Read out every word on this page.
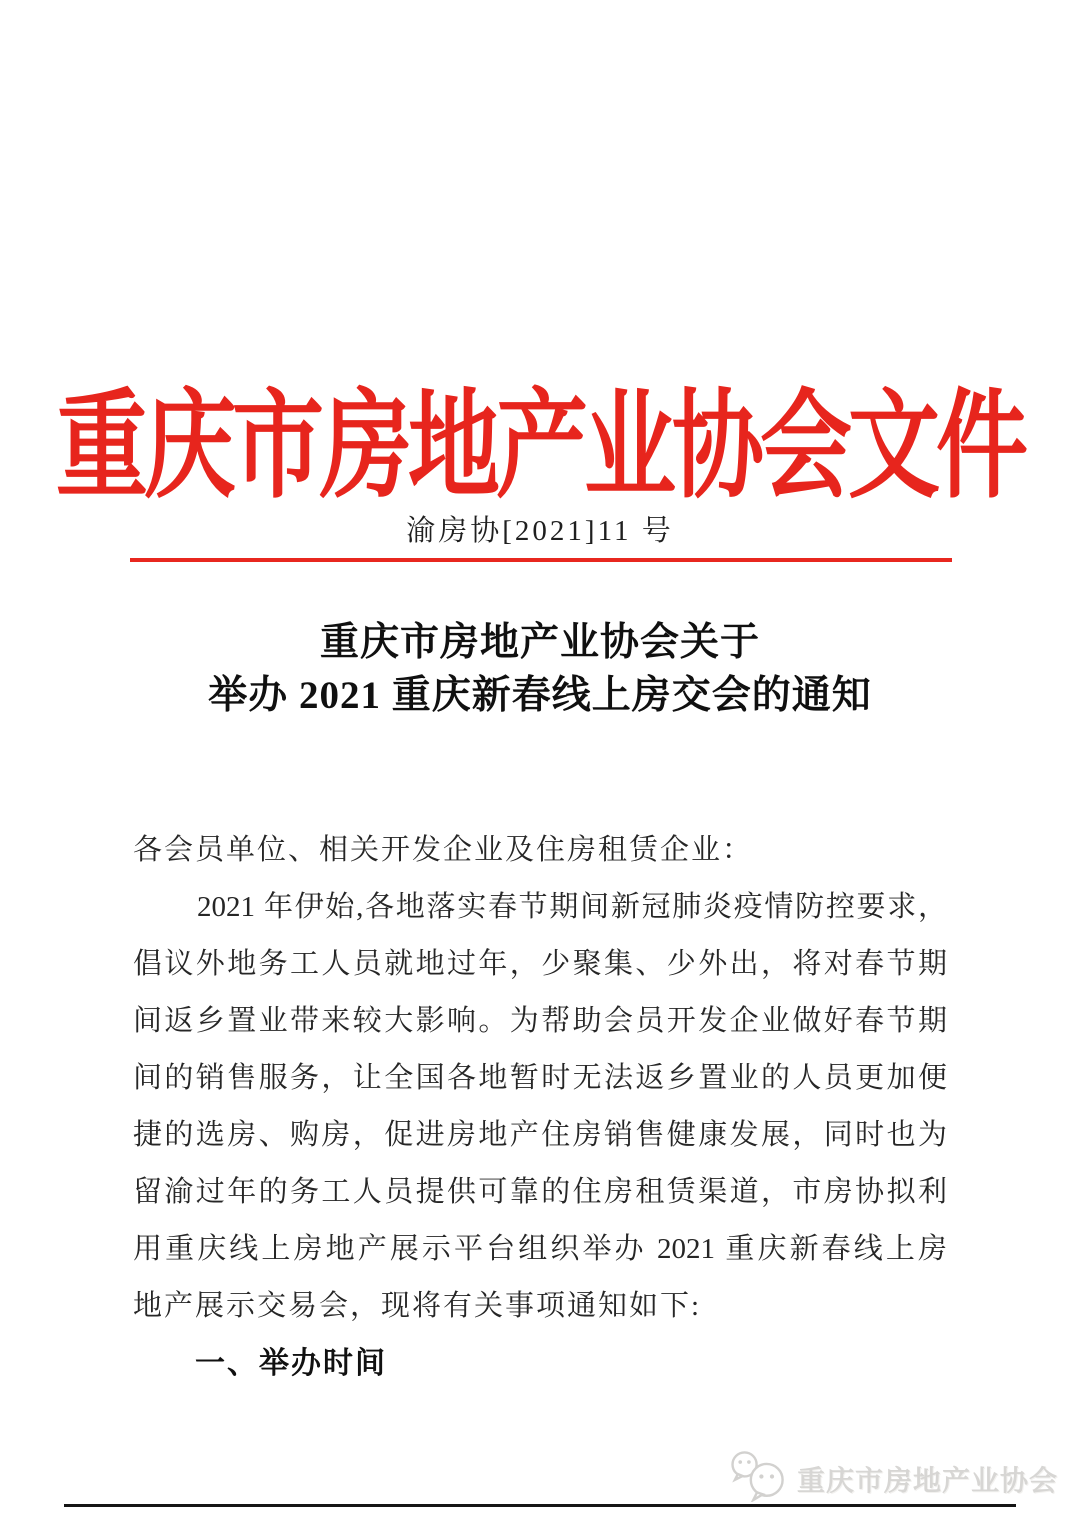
重庆市房地产业协会文件
渝房协[2021]11 号
重庆市房地产业协会关于
举办 2021 重庆新春线上房交会的通知
各会员单位、相关开发企业及住房租赁企业：
2021 年伊始,各地落实春节期间新冠肺炎疫情防控要求，
倡议外地务工人员就地过年，少聚集、少外出，将对春节期
间返乡置业带来较大影响。为帮助会员开发企业做好春节期
间的销售服务，让全国各地暂时无法返乡置业的人员更加便
捷的选房、购房，促进房地产住房销售健康发展，同时也为
留渝过年的务工人员提供可靠的住房租赁渠道，市房协拟利
用重庆线上房地产展示平台组织举办 2021 重庆新春线上房
地产展示交易会，现将有关事项通知如下:
一、举办时间
重庆市房地产业协会
